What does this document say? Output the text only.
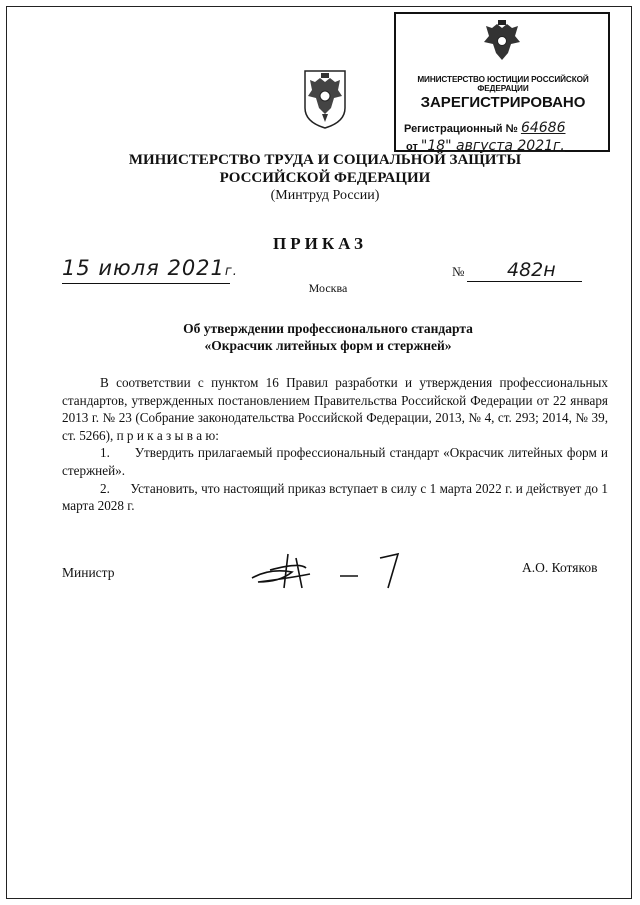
МИНИСТЕРСТВО ЮСТИЦИИ РОССИЙСКОЙ ФЕДЕРАЦИИ
ЗАРЕГИСТРИРОВАНО
Регистрационный № 64686
от "18" августа 2021г.
МИНИСТЕРСТВО ТРУДА И СОЦИАЛЬНОЙ ЗАЩИТЫ
РОССИЙСКОЙ ФЕДЕРАЦИИ
(Минтруд России)
ПРИКАЗ
15 июля 2021г.	№ 482н
Москва
Об утверждении профессионального стандарта
«Окрасчик литейных форм и стержней»

В соответствии с пунктом 16 Правил разработки и утверждения профессиональных стандартов, утвержденных постановлением Правительства Российской Федерации от 22 января 2013 г. № 23 (Собрание законодательства Российской Федерации, 2013, № 4, ст. 293; 2014, № 39, ст. 5266), п р и к а з ы в а ю:

1.      Утвердить прилагаемый профессиональный стандарт «Окрасчик литейных форм и стержней».

2.      Установить, что настоящий приказ вступает в силу с 1 марта 2022 г. и действует до 1 марта 2028 г.

Министр	А.О. Котяков
